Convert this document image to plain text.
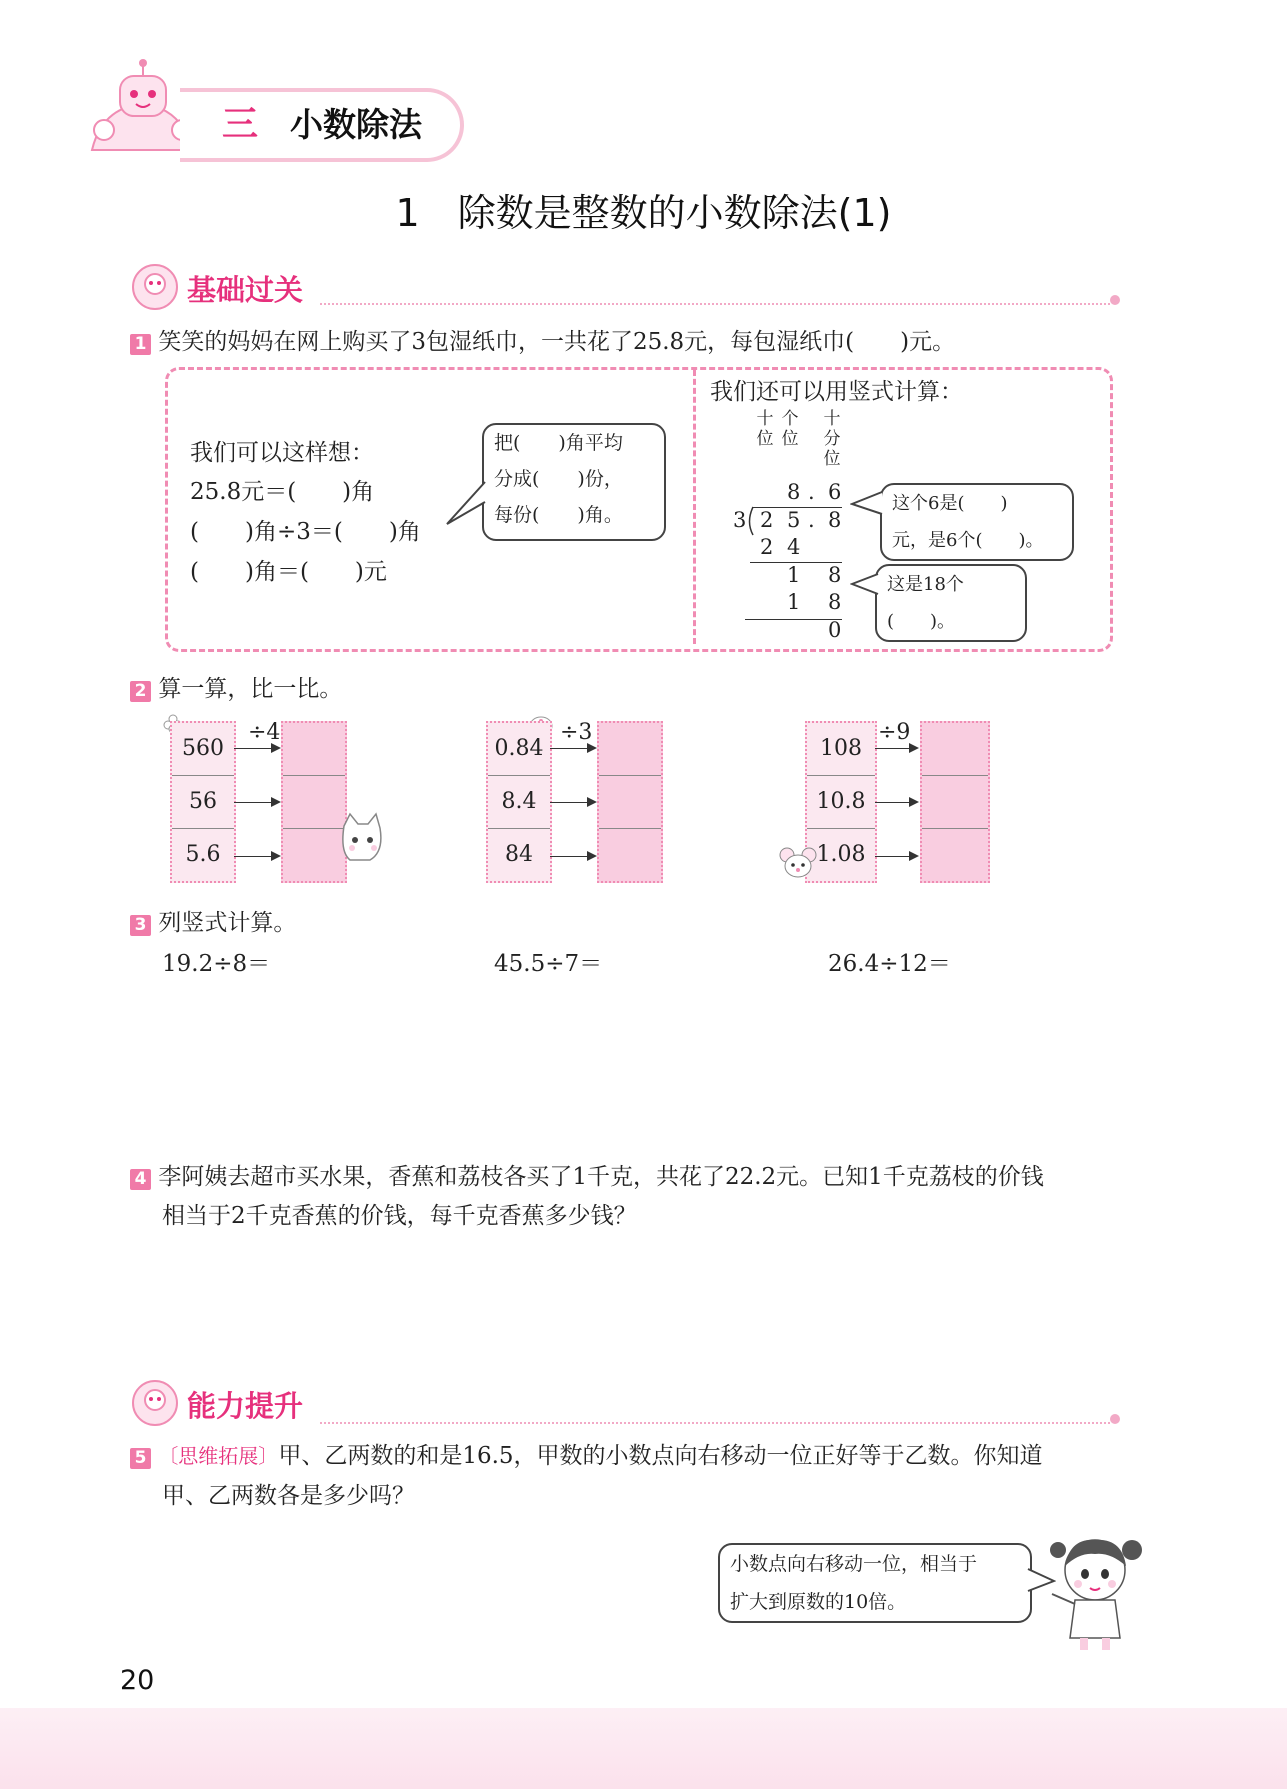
三 小数除法
1　除数是整数的小数除法(1)
基础过关
1 笑笑的妈妈在网上购买了3包湿纸巾，一共花了25.8元，每包湿纸巾(　　)元。
我们可以这样想：
25.8元＝(　　)角
(　　)角÷3＝(　　)角
(　　)角＝(　　)元
把(　　)角平均
分成(　　)份，
每份(　　)角。
我们还可以用竖式计算：
十位
个位
十分位
8 . 6
3 2 5 . 8
2 4
1 8
1 8
0
这个6是(　　)
元，是6个(　　)。
这是18个
(　　)。
2 算一算，比一比。
560
56
5.6
÷4
0.84
8.4
84
÷3
108
10.8
1.08
÷9
3 列竖式计算。
19.2÷8＝	45.5÷7＝	26.4÷12＝
4 李阿姨去超市买水果，香蕉和荔枝各买了1千克，共花了22.2元。已知1千克荔枝的价钱
相当于2千克香蕉的价钱，每千克香蕉多少钱？
能力提升
5 〔思维拓展〕甲、乙两数的和是16.5，甲数的小数点向右移动一位正好等于乙数。你知道
甲、乙两数各是多少吗？
小数点向右移动一位，相当于
扩大到原数的10倍。
20
